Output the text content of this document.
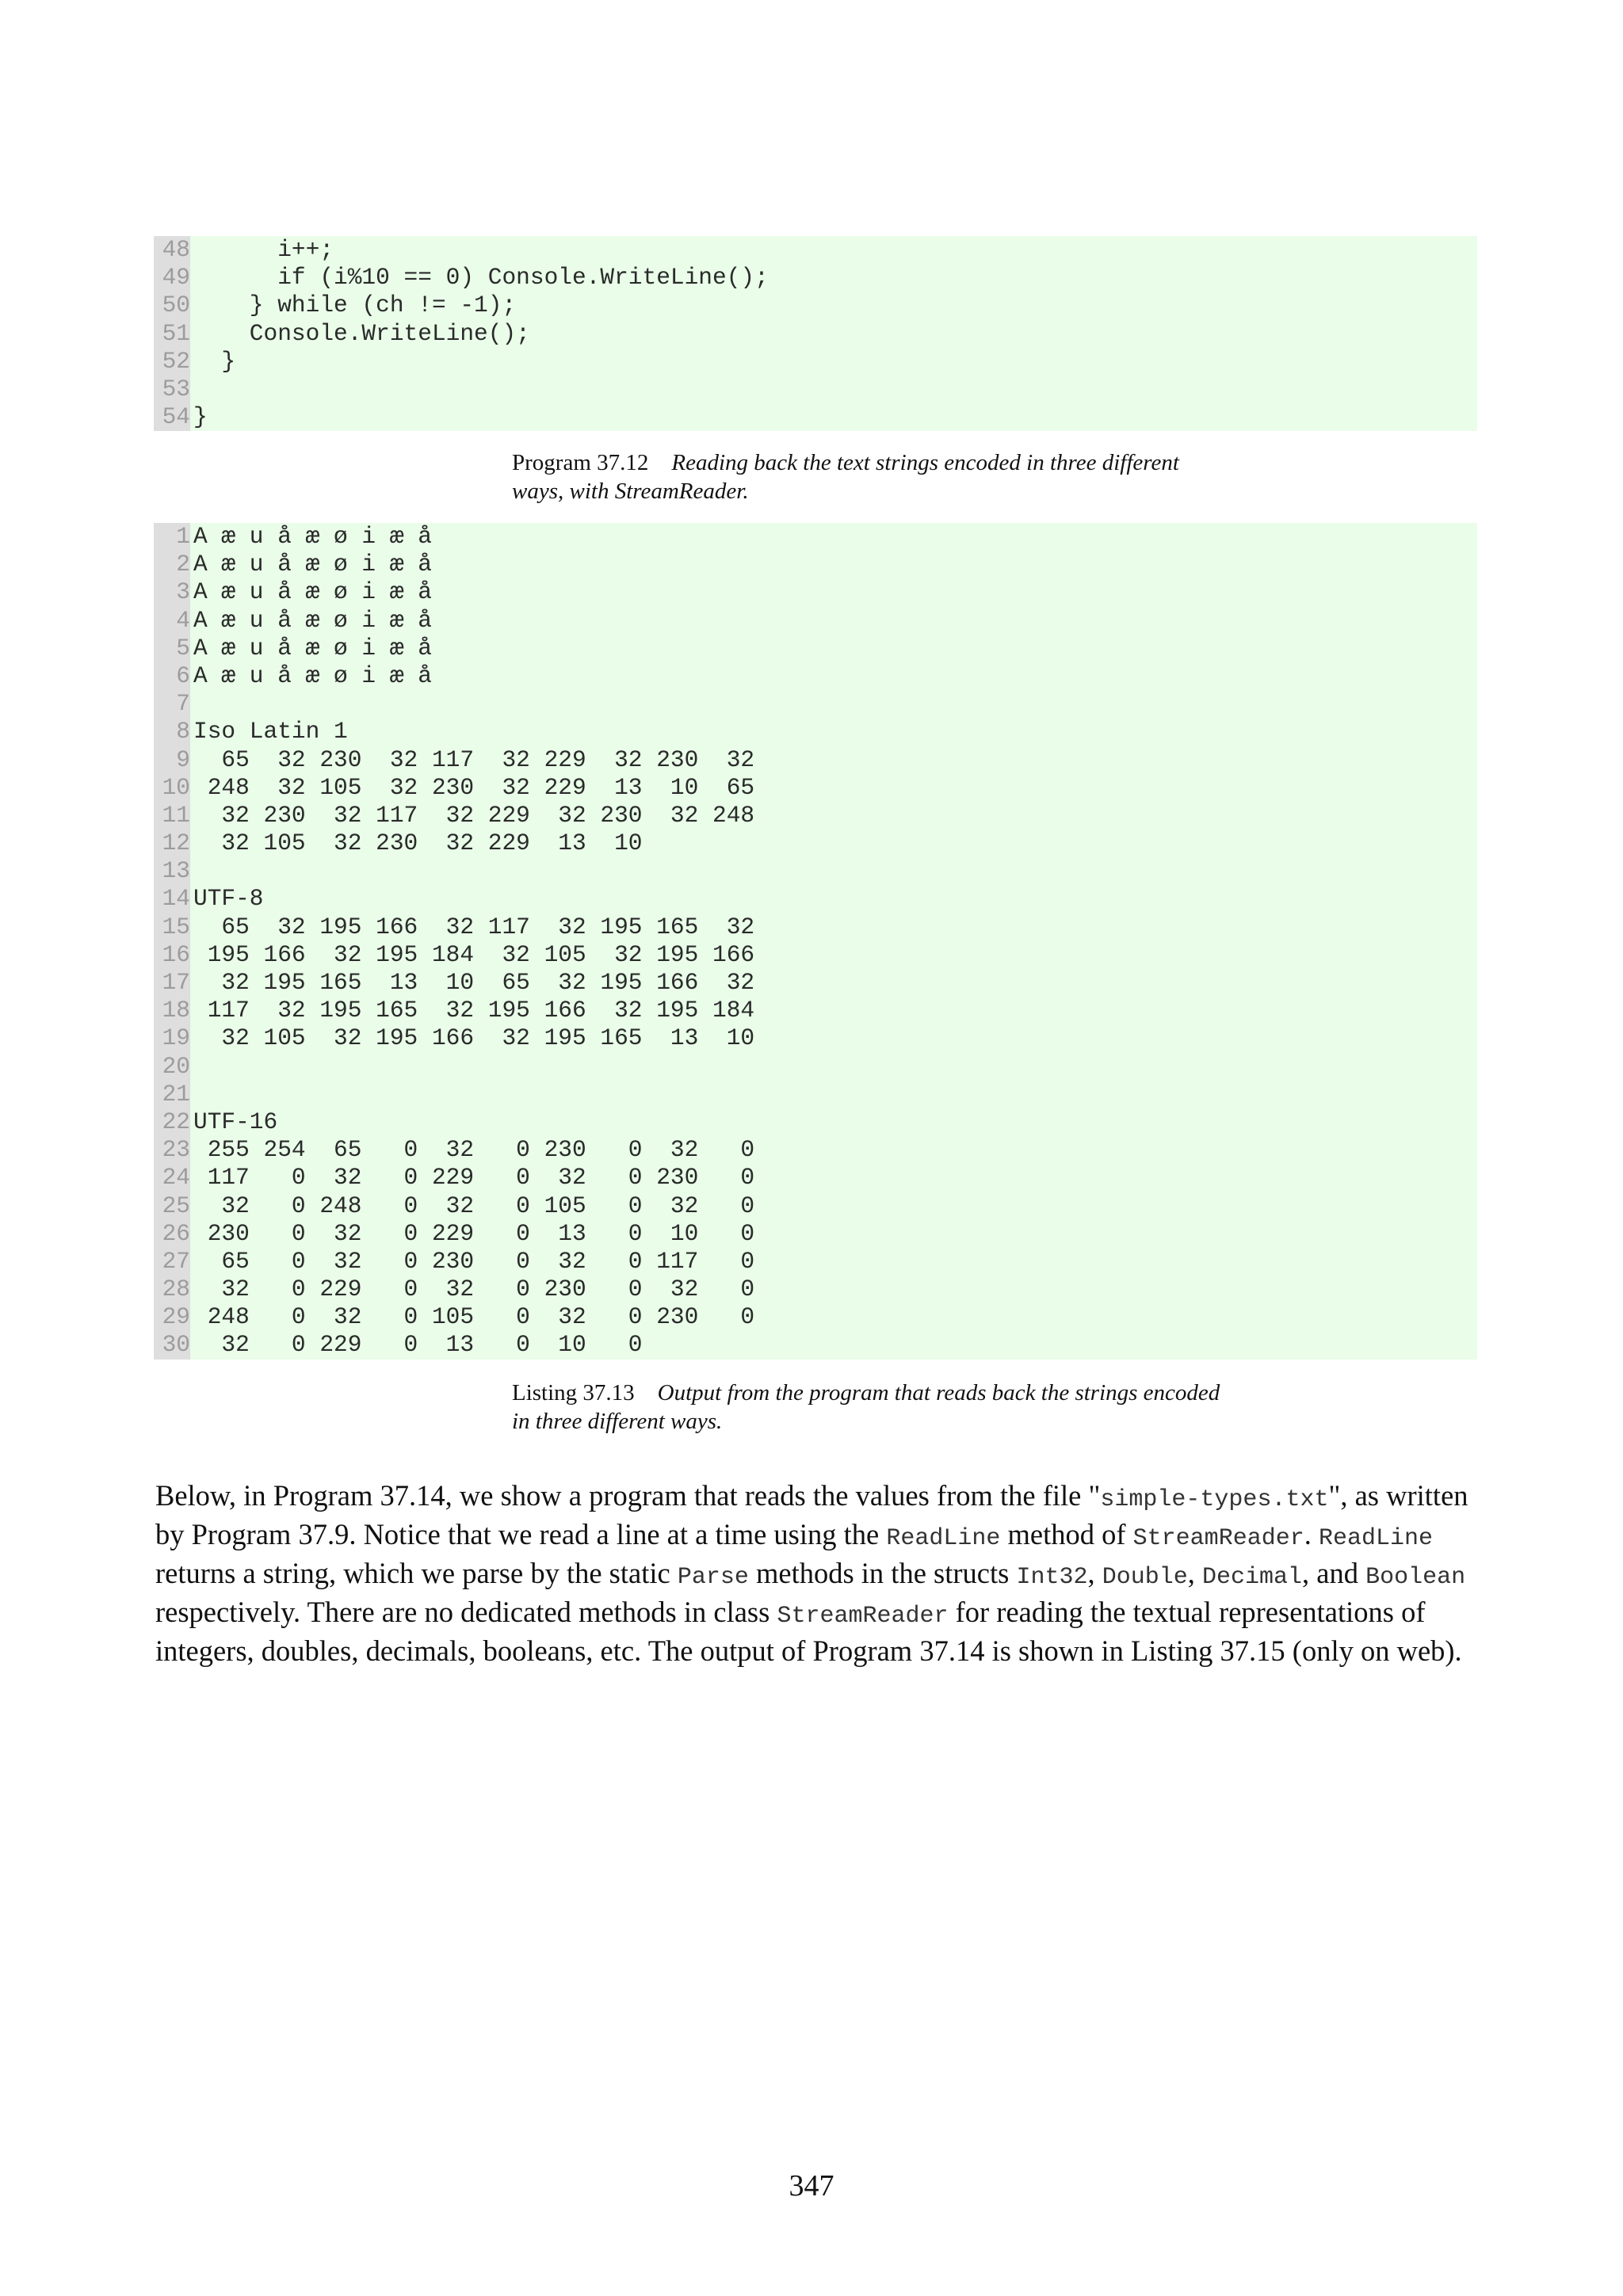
48 i++;
49 if (i%10 == 0) Console.WriteLine();
50 } while (ch != -1);
51 Console.WriteLine();
52 }
53
54 }
Program 37.12 Reading back the text strings encoded in three different ways, with StreamReader.
1 A æ u å æ ø i æ å
2 A æ u å æ ø i æ å
3 A æ u å æ ø i æ å
4 A æ u å æ ø i æ å
5 A æ u å æ ø i æ å
6 A æ u å æ ø i æ å
7
8 Iso Latin 1
9 65  32 230  32 117  32 229  32 230  32
10 248  32 105  32 230  32 229  13  10  65
11 32 230  32 117  32 229  32 230  32 248
12 32 105  32 230  32 229  13  10
13
14 UTF-8
15 65  32 195 166  32 117  32 195 165  32
16 195 166  32 195 184  32 105  32 195 166
17 32 195 165  13  10  65  32 195 166  32
18 117  32 195 165  32 195 166  32 195 184
19 32 105  32 195 166  32 195 165  13  10
20
21
22 UTF-16
23 255 254  65   0  32   0 230   0  32   0
24 117   0  32   0 229   0  32   0 230   0
25 32   0 248   0  32   0 105   0  32   0
26 230   0  32   0 229   0  13   0  10   0
27 65   0  32   0 230   0  32   0 117   0
28 32   0 229   0  32   0 230   0  32   0
29 248   0  32   0 105   0  32   0 230   0
30 32   0 229   0  13   0  10   0
Listing 37.13 Output from the program that reads back the strings encoded in three different ways.
Below, in Program 37.14, we show a program that reads the values from the file "simple-types.txt", as written by Program 37.9. Notice that we read a line at a time using the ReadLine method of StreamReader. ReadLine returns a string, which we parse by the static Parse methods in the structs Int32, Double, Decimal, and Boolean respectively. There are no dedicated methods in class StreamReader for reading the textual representations of integers, doubles, decimals, booleans, etc. The output of Program 37.14 is shown in Listing 37.15 (only on web).
347
